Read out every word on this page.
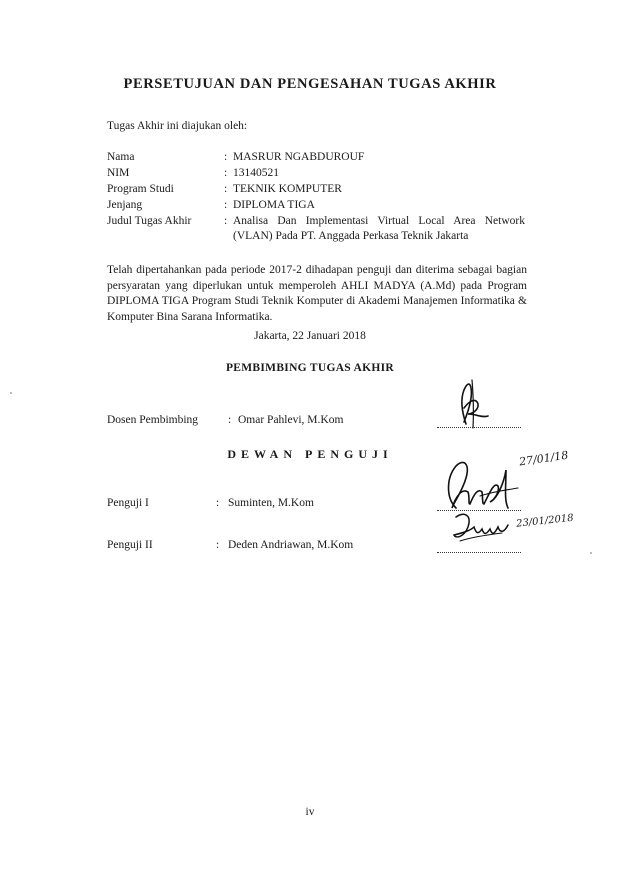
PERSETUJUAN DAN PENGESAHAN TUGAS AKHIR
Tugas Akhir ini diajukan oleh:
Nama	: MASRUR NGABDUROUF
NIM	: 13140521
Program Studi	: TEKNIK KOMPUTER
Jenjang	: DIPLOMA TIGA
Judul Tugas Akhir	: Analisa Dan Implementasi Virtual Local Area Network (VLAN) Pada PT. Anggada Perkasa Teknik Jakarta
Telah dipertahankan pada periode 2017-2 dihadapan penguji dan diterima sebagai bagian persyaratan yang diperlukan untuk memperoleh AHLI MADYA (A.Md) pada Program DIPLOMA TIGA Program Studi Teknik Komputer di Akademi Manajemen Informatika & Komputer Bina Sarana Informatika.
Jakarta, 22 Januari 2018
PEMBIMBING TUGAS AKHIR
Dosen Pembimbing	: Omar Pahlevi, M.Kom
DEWAN PENGUJI
Penguji I	: Suminten, M.Kom
27/01/18
Penguji II	: Deden Andriawan, M.Kom
23/01/2018
iv
